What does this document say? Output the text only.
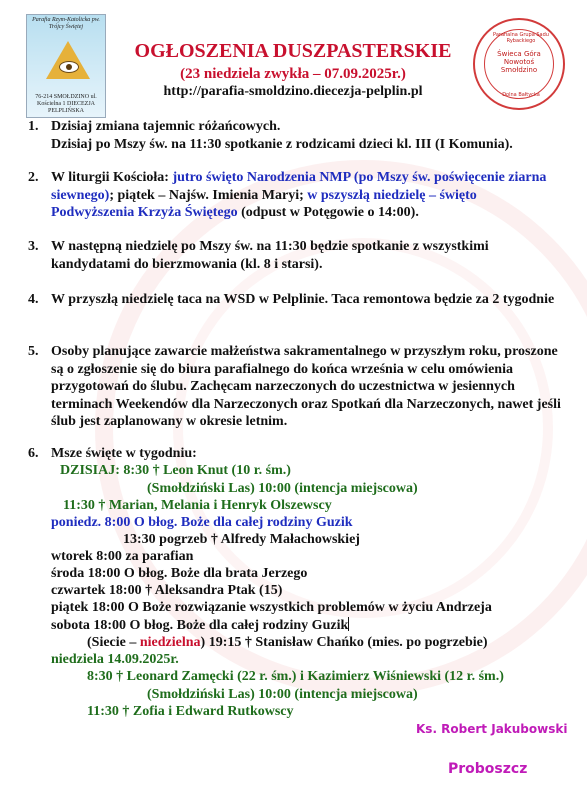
Parafia Rzym-Katolicka pw. Trójcy Świętej
76-214 SMOŁDZINO ul. Kościelna 1 DIECEZJA PELPLIŃSKA
Parafialna Grupa Sadu Rybackiego
Świeca Góra Nowotoś Smołdzino
Dolna Bałtycka
OGŁOSZENIA DUSZPASTERSKIE
(23 niedziela zwykła – 07.09.2025r.)
http://parafia-smoldzino.diecezja-pelplin.pl
1. Dzisiaj zmiana tajemnic różańcowych.
Dzisiaj po Mszy św. na 11:30 spotkanie z rodzicami dzieci kl. III (I Komunia).
2. W liturgii Kościoła: jutro święto Narodzenia NMP (po Mszy św. poświęcenie ziarna siewnego); piątek – Najśw. Imienia Maryi; w pszyszłą niedzielę – święto Podwyższenia Krzyża Świętego (odpust w Potęgowie o 14:00).
3. W następną niedzielę po Mszy św. na 11:30 będzie spotkanie z wszystkimi kandydatami do bierzmowania (kl. 8 i starsi).
4. W przyszłą niedzielę taca na WSD w Pelplinie. Taca remontowa będzie za 2 tygodnie
5. Osoby planujące zawarcie małżeństwa sakramentalnego w przyszłym roku, proszone są o zgłoszenie się do biura parafialnego do końca września w celu omówienia przygotowań do ślubu. Zachęcam narzeczonych do uczestnictwa w jesiennych terminach Weekendów dla Narzeczonych oraz Spotkań dla Narzeczonych, nawet jeśli ślub jest zaplanowany w okresie letnim.
6. Msze święte w tygodniu:
DZISIAJ: 8:30 † Leon Knut (10 r. śm.)
(Smołdziński Las) 10:00 (intencja miejscowa)
11:30 † Marian, Melania i Henryk Olszewscy
poniedz. 8:00 O błog. Boże dla całej rodziny Guzik
13:30 pogrzeb † Alfredy Małachowskiej
wtorek 8:00 za parafian
środa 18:00 O błog. Boże dla brata Jerzego
czwartek 18:00 † Aleksandra Ptak (15)
piątek 18:00 O Boże rozwiązanie wszystkich problemów w życiu Andrzeja
sobota 18:00 O błog. Boże dla całej rodziny Guzik
(Siecie – niedzielna) 19:15 † Stanisław Chańko (mies. po pogrzebie)
niedziela 14.09.2025r.
8:30 † Leonard Zamęcki (22 r. śm.) i Kazimierz Wiśniewski (12 r. śm.)
(Smołdziński Las) 10:00 (intencja miejscowa)
11:30 † Zofia i Edward Rutkowscy
Ks. Robert Jakubowski
Proboszcz
